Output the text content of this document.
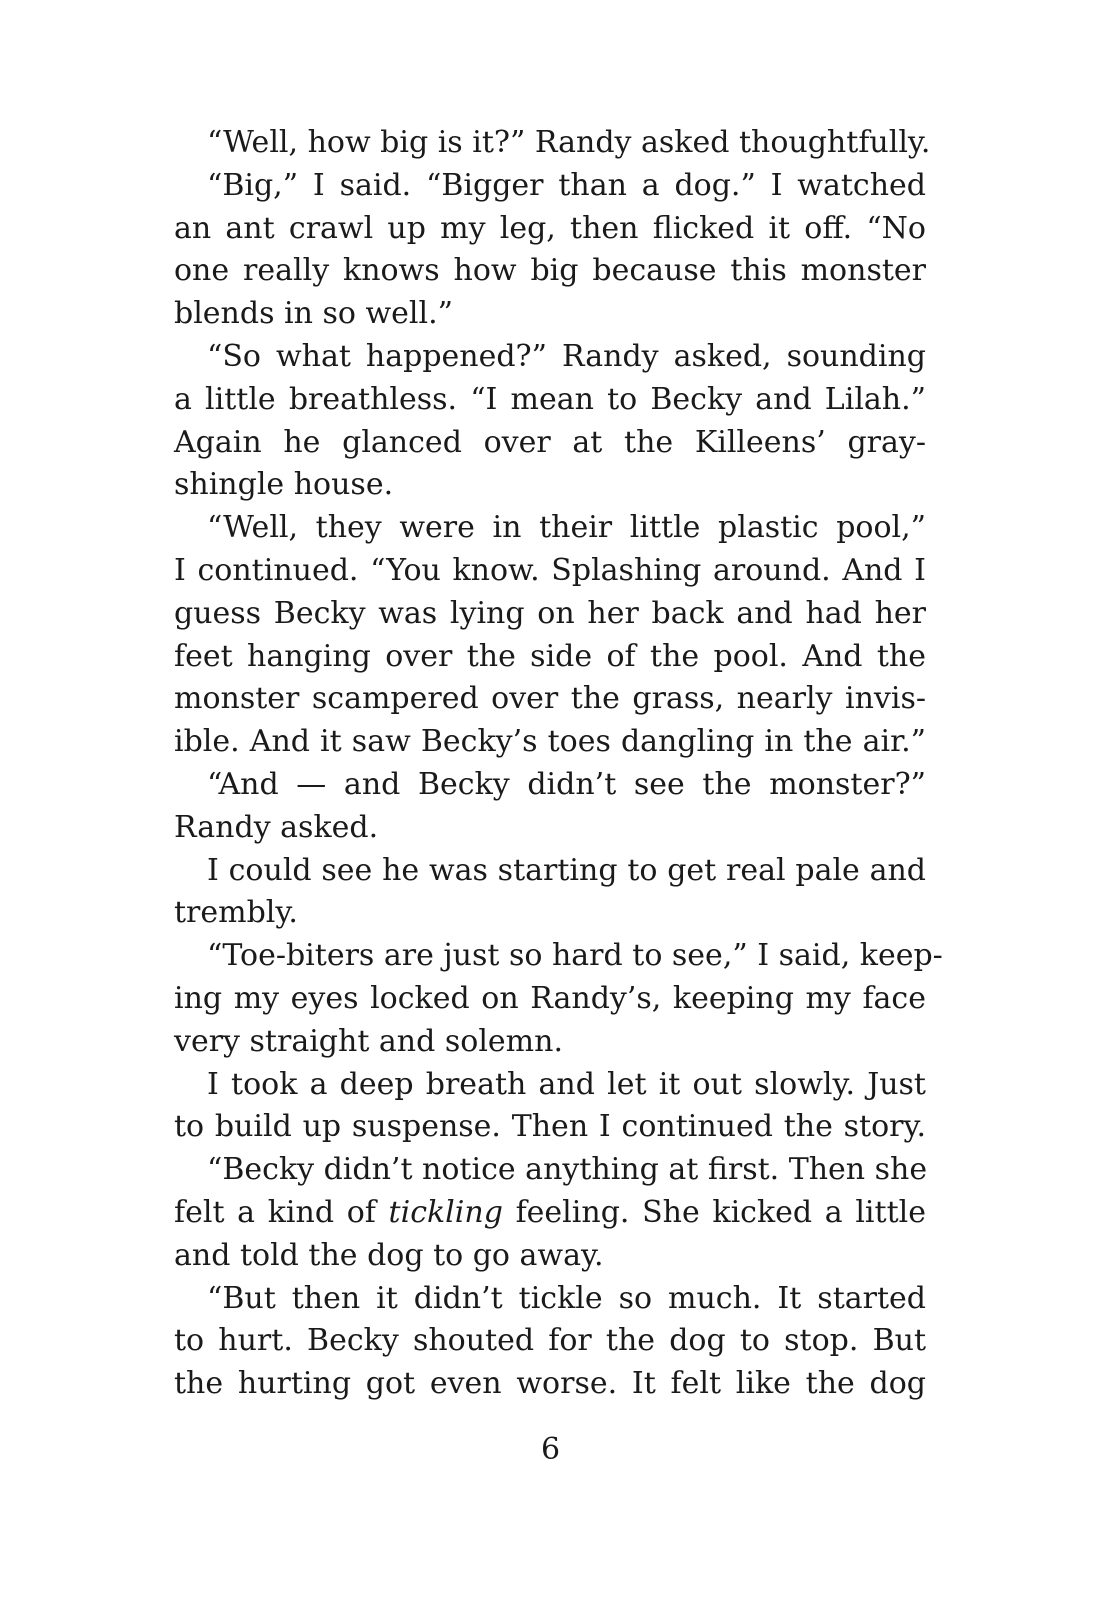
“Well, how big is it?” Randy asked thoughtfully.
“Big,” I said. “Bigger than a dog.” I watched
an ant crawl up my leg, then flicked it off. “No
one really knows how big because this monster
blends in so well.”
“So what happened?” Randy asked, sounding
a little breathless. “I mean to Becky and Lilah.”
Again he glanced over at the Killeens’ gray-
shingle house.
“Well, they were in their little plastic pool,”
I continued. “You know. Splashing around. And I
guess Becky was lying on her back and had her
feet hanging over the side of the pool. And the
monster scampered over the grass, nearly invis-
ible. And it saw Becky’s toes dangling in the air.”
“And — and Becky didn’t see the monster?”
Randy asked.
I could see he was starting to get real pale and
trembly.
“Toe-biters are just so hard to see,” I said, keep-
ing my eyes locked on Randy’s, keeping my face
very straight and solemn.
I took a deep breath and let it out slowly. Just
to build up suspense. Then I continued the story.
“Becky didn’t notice anything at first. Then she
felt a kind of tickling feeling. She kicked a little
and told the dog to go away.
“But then it didn’t tickle so much. It started
to hurt. Becky shouted for the dog to stop. But
the hurting got even worse. It felt like the dog
6
